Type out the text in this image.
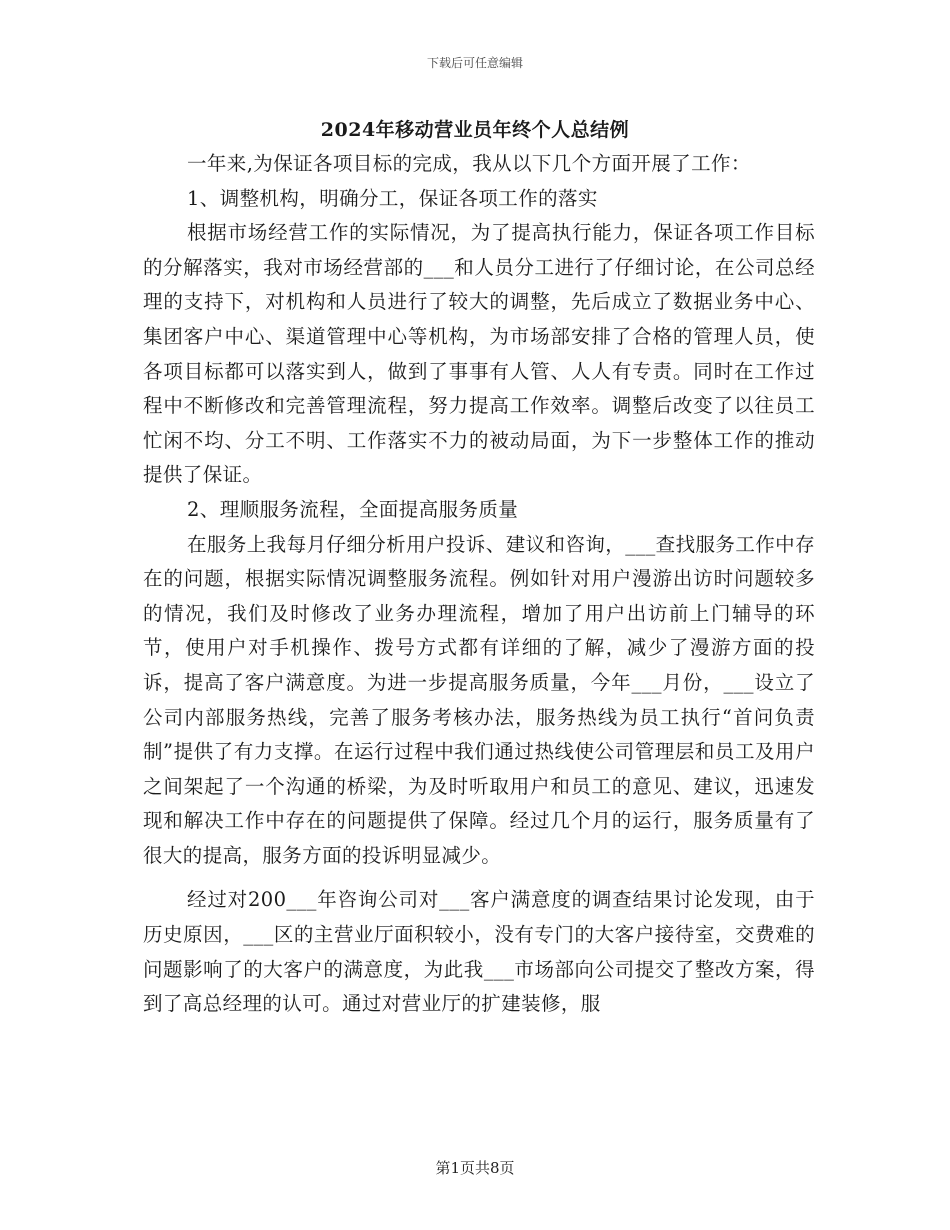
下载后可任意编辑
2024年移动营业员年终个人总结例

一年来,为保证各项目标的完成，我从以下几个方面开展了工作：

1、调整机构，明确分工，保证各项工作的落实

根据市场经营工作的实际情况，为了提高执行能力，保证各项工作目标的分解落实，我对市场经营部的___和人员分工进行了仔细讨论，在公司总经理的支持下，对机构和人员进行了较大的调整，先后成立了数据业务中心、集团客户中心、渠道管理中心等机构，为市场部安排了合格的管理人员，使各项目标都可以落实到人，做到了事事有人管、人人有专责。同时在工作过程中不断修改和完善管理流程，努力提高工作效率。调整后改变了以往员工忙闲不均、分工不明、工作落实不力的被动局面，为下一步整体工作的推动提供了保证。

2、理顺服务流程，全面提高服务质量

在服务上我每月仔细分析用户投诉、建议和咨询，___查找服务工作中存在的问题，根据实际情况调整服务流程。例如针对用户漫游出访时问题较多的情况，我们及时修改了业务办理流程，增加了用户出访前上门辅导的环节，使用户对手机操作、拨号方式都有详细的了解，减少了漫游方面的投诉，提高了客户满意度。为进一步提高服务质量，今年___月份，___设立了公司内部服务热线，完善了服务考核办法，服务热线为员工执行“首问负责制”提供了有力支撑。在运行过程中我们通过热线使公司管理层和员工及用户之间架起了一个沟通的桥梁，为及时听取用户和员工的意见、建议，迅速发现和解决工作中存在的问题提供了保障。经过几个月的运行，服务质量有了很大的提高，服务方面的投诉明显减少。

经过对200___年咨询公司对___客户满意度的调查结果讨论发现，由于历史原因，___区的主营业厅面积较小，没有专门的大客户接待室，交费难的问题影响了的大客户的满意度，为此我___市场部向公司提交了整改方案，得到了高总经理的认可。通过对营业厅的扩建装修，服

第1页共8页
